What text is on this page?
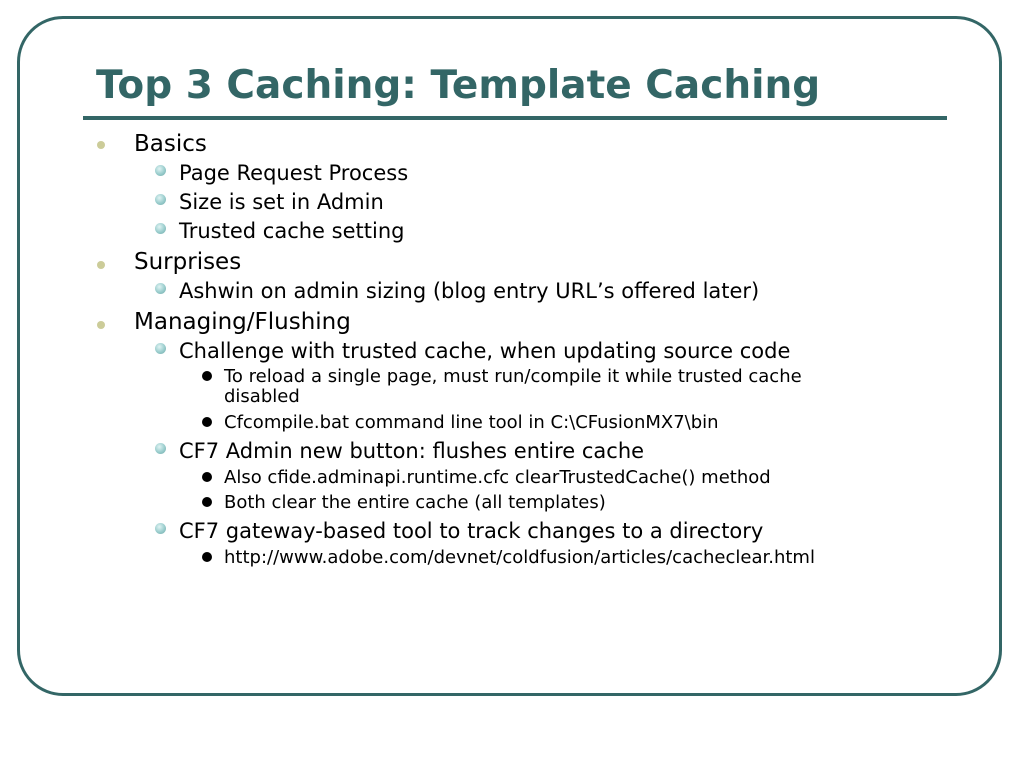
Top 3 Caching: Template Caching
Basics
Page Request Process
Size is set in Admin
Trusted cache setting
Surprises
Ashwin on admin sizing (blog entry URL’s offered later)
Managing/Flushing
Challenge with trusted cache, when updating source code
To reload a single page, must run/compile it while trusted cache
disabled
Cfcompile.bat command line tool in C:\CFusionMX7\bin
CF7 Admin new button: flushes entire cache
Also cfide.adminapi.runtime.cfc clearTrustedCache() method
Both clear the entire cache (all templates)
CF7 gateway-based tool to track changes to a directory
http://www.adobe.com/devnet/coldfusion/articles/cacheclear.html
